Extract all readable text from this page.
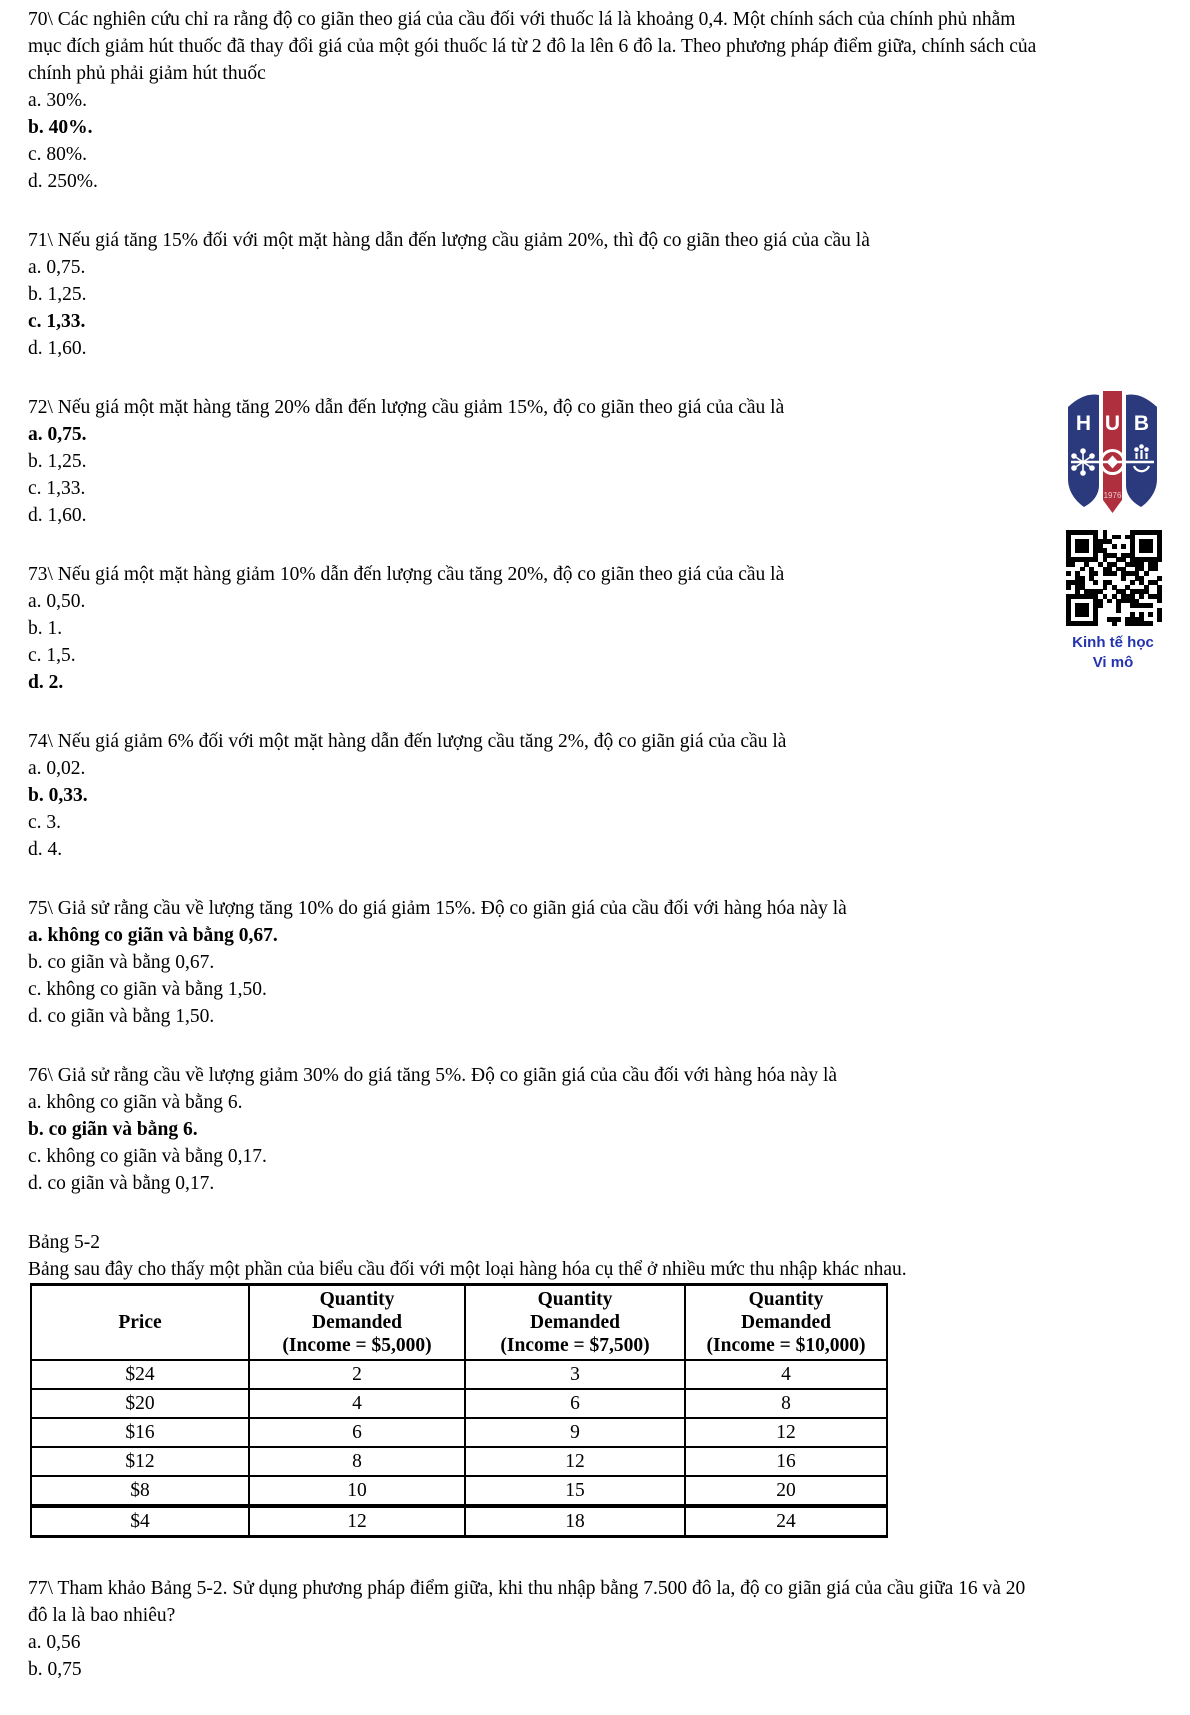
70\ Các nghiên cứu chỉ ra rằng độ co giãn theo giá của cầu đối với thuốc lá là khoảng 0,4. Một chính sách của chính phủ nhằm mục đích giảm hút thuốc đã thay đổi giá của một gói thuốc lá từ 2 đô la lên 6 đô la. Theo phương pháp điểm giữa, chính sách của chính phủ phải giảm hút thuốc

a. 30%.

b. 40%.

c. 80%.

d. 250%.

71\ Nếu giá tăng 15% đối với một mặt hàng dẫn đến lượng cầu giảm 20%, thì độ co giãn theo giá của cầu là

a. 0,75.

b. 1,25.

c. 1,33.

d. 1,60.

72\ Nếu giá một mặt hàng tăng 20% dẫn đến lượng cầu giảm 15%, độ co giãn theo giá của cầu là

a. 0,75.

b. 1,25.

c. 1,33.

d. 1,60.

73\ Nếu giá một mặt hàng giảm 10% dẫn đến lượng cầu tăng 20%, độ co giãn theo giá của cầu là

a. 0,50.

b. 1.

c. 1,5.

d. 2.

74\ Nếu giá giảm 6% đối với một mặt hàng dẫn đến lượng cầu tăng 2%, độ co giãn giá của cầu là

a. 0,02.

b. 0,33.

c. 3.

d. 4.

75\ Giả sử rằng cầu về lượng tăng 10% do giá giảm 15%. Độ co giãn giá của cầu đối với hàng hóa này là

a. không co giãn và bằng 0,67.

b. co giãn và bằng 0,67.

c. không co giãn và bằng 1,50.

d. co giãn và bằng 1,50.

76\ Giả sử rằng cầu về lượng giảm 30% do giá tăng 5%. Độ co giãn giá của cầu đối với hàng hóa này là

a. không co giãn và bằng 6.

b. co giãn và bằng 6.

c. không co giãn và bằng 0,17.

d. co giãn và bằng 0,17.

Bảng 5-2

Bảng sau đây cho thấy một phần của biểu cầu đối với một loại hàng hóa cụ thể ở nhiều mức thu nhập khác nhau.

Price	Quantity
Demanded
(Income = $5,000)	Quantity
Demanded
(Income = $7,500)	Quantity
Demanded
(Income = $10,000)

$24	2	3	4
$20	4	6	8
$16	6	9	12
$12	8	12	16
$8	10	15	20
$4	12	18	24

77\ Tham khảo Bảng 5-2. Sử dụng phương pháp điểm giữa, khi thu nhập bằng 7.500 đô la, độ co giãn giá của cầu giữa 16 và 20 đô la là bao nhiêu?

a. 0,56

b. 0,75

H U B
1976
Kinh tế học
Vi mô
